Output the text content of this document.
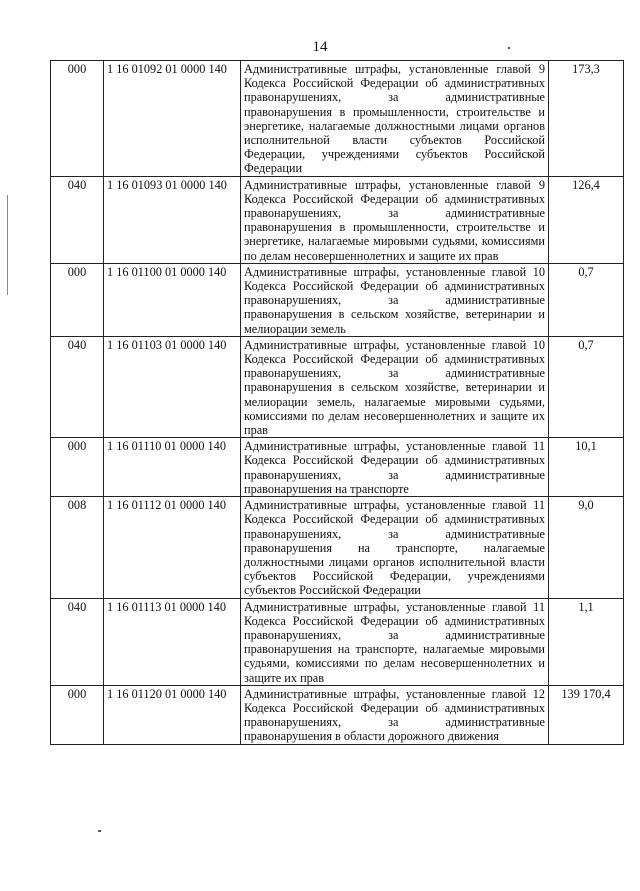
14
000	1 16 01092 01 0000 140	Административные штрафы, установленные главой 9 Кодекса Российской Федерации об административных правонарушениях, за административные правонарушения в промышленности, строительстве и энергетике, налагаемые должностными лицами органов исполнительной власти субъектов Российской Федерации, учреждениями субъектов Российской Федерации	173,3
040	1 16 01093 01 0000 140	Административные штрафы, установленные главой 9 Кодекса Российской Федерации об административных правонарушениях, за административные правонарушения в промышленности, строительстве и энергетике, налагаемые мировыми судьями, комиссиями по делам несовершеннолетних и защите их прав	126,4
000	1 16 01100 01 0000 140	Административные штрафы, установленные главой 10 Кодекса Российской Федерации об административных правонарушениях, за административные правонарушения в сельском хозяйстве, ветеринарии и мелиорации земель	0,7
040	1 16 01103 01 0000 140	Административные штрафы, установленные главой 10 Кодекса Российской Федерации об административных правонарушениях, за административные правонарушения в сельском хозяйстве, ветеринарии и мелиорации земель, налагаемые мировыми судьями, комиссиями по делам несовершеннолетних и защите их прав	0,7
000	1 16 01110 01 0000 140	Административные штрафы, установленные главой 11 Кодекса Российской Федерации об административных правонарушениях, за административные правонарушения на транспорте	10,1
008	1 16 01112 01 0000 140	Административные штрафы, установленные главой 11 Кодекса Российской Федерации об административных правонарушениях, за административные правонарушения на транспорте, налагаемые должностными лицами органов исполнительной власти субъектов Российской Федерации, учреждениями субъектов Российской Федерации	9,0
040	1 16 01113 01 0000 140	Административные штрафы, установленные главой 11 Кодекса Российской Федерации об административных правонарушениях, за административные правонарушения на транспорте, налагаемые мировыми судьями, комиссиями по делам несовершеннолетних и защите их прав	1,1
000	1 16 01120 01 0000 140	Административные штрафы, установленные главой 12 Кодекса Российской Федерации об административных правонарушениях, за административные правонарушения в области дорожного движения	139 170,4
